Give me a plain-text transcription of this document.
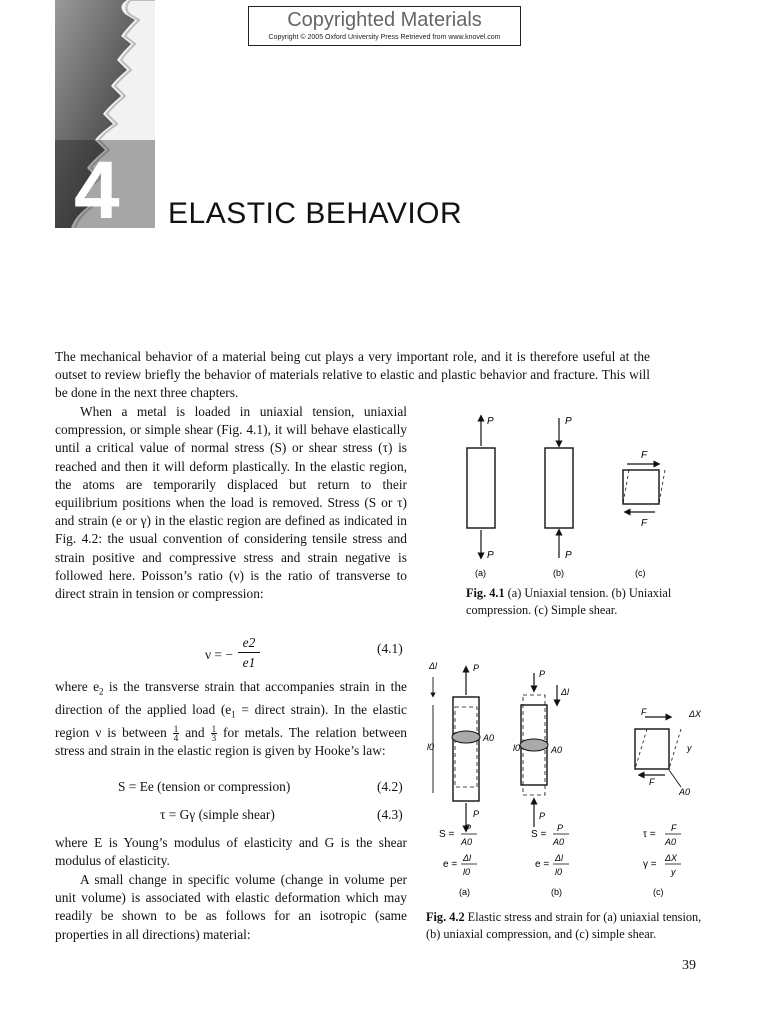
Copyrighted Materials
Copyright © 2005 Oxford University Press Retrieved from www.knovel.com
4 ELASTIC BEHAVIOR
The mechanical behavior of a material being cut plays a very important role, and it is therefore useful at the outset to review briefly the behavior of materials relative to elastic and plastic behavior and fracture. This will be done in the next three chapters.
When a metal is loaded in uniaxial tension, uniaxial compression, or simple shear (Fig. 4.1), it will behave elastically until a critical value of normal stress (S) or shear stress (τ) is reached and then it will deform plastically. In the elastic region, the atoms are temporarily displaced but return to their equilibrium positions when the load is removed. Stress (S or τ) and strain (e or γ) in the elastic region are defined as indicated in Fig. 4.2: the usual convention of considering tensile stress and strain positive and compressive stress and strain negative is followed here. Poisson’s ratio (ν) is the ratio of transverse to direct strain in tension or compression:
ν = −
e2
e1
(4.1)
where $e_2$ is the transverse strain that accompanies strain in the direction of the applied load ($e_1$ = direct strain). In the elastic region ν is between $\frac{1}{4}$ and $\frac{1}{3}$ for metals. The relation between stress and strain in the elastic region is given by Hooke’s law:
S = Ee (tension or compression)	(4.2)
τ = Gγ (simple shear)	(4.3)
where E is Young’s modulus of elasticity and G is the shear modulus of elasticity.
A small change in specific volume (change in volume per unit volume) is associated with elastic deformation which may readily be shown to be as follows for an isotropic (same properties in all directions) material:
P
P
P
P
F
F
(a)	(b)	(c)
Fig. 4.1 (a) Uniaxial tension. (b) Uniaxial compression. (c) Simple shear.
Δl	P
l0
A0
P
P
Δl
l0	A0
P
F	ΔX
y
F
A0
S =
P
A0
e =
Δl
l0
S =
P
A0
e =
Δl
l0
τ =
F
A0
γ =
ΔX
y
(a)	(b)	(c)
Fig. 4.2 Elastic stress and strain for (a) uniaxial tension, (b) uniaxial compression, and (c) simple shear.
39
